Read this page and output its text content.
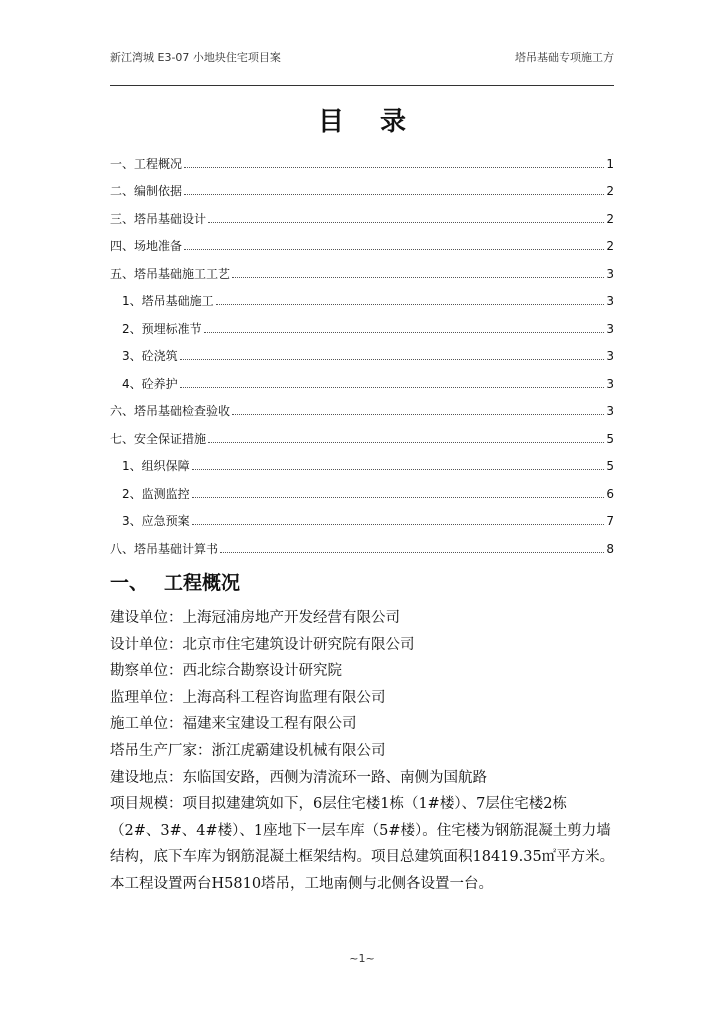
新江湾城 E3-07 小地块住宅项目案	塔吊基础专项施工方
目录
一、 工程概况	1
二、 编制依据	2
三、 塔吊基础设计	2
四、 场地准备	2
五、 塔吊基础施工工艺	3
1、 塔吊基础施工	3
2、 预埋标准节	3
3、 砼浇筑	3
4、 砼养护	3
六、 塔吊基础检查验收	3
七、 安全保证措施	5
1、 组织保障	5
2、 监测监控	6
3、 应急预案	7
八、 塔吊基础计算书	8
一、 工程概况

建设单位：上海冠浦房地产开发经营有限公司

设计单位：北京市住宅建筑设计研究院有限公司

勘察单位：西北综合勘察设计研究院

监理单位：上海高科工程咨询监理有限公司

施工单位：福建来宝建设工程有限公司

塔吊生产厂家：浙江虎霸建设机械有限公司

建设地点：东临国安路，西侧为清流环一路、南侧为国航路

项目规模：项目拟建建筑如下，6层住宅楼1栋（1#楼）、7层住宅楼2栋（2#、3#、4#楼）、1座地下一层车库（5#楼）。住宅楼为钢筋混凝土剪力墙结构，底下车库为钢筋混凝土框架结构。项目总建筑面积18419.35㎡平方米。

本工程设置两台H5810塔吊，工地南侧与北侧各设置一台。

~1~
